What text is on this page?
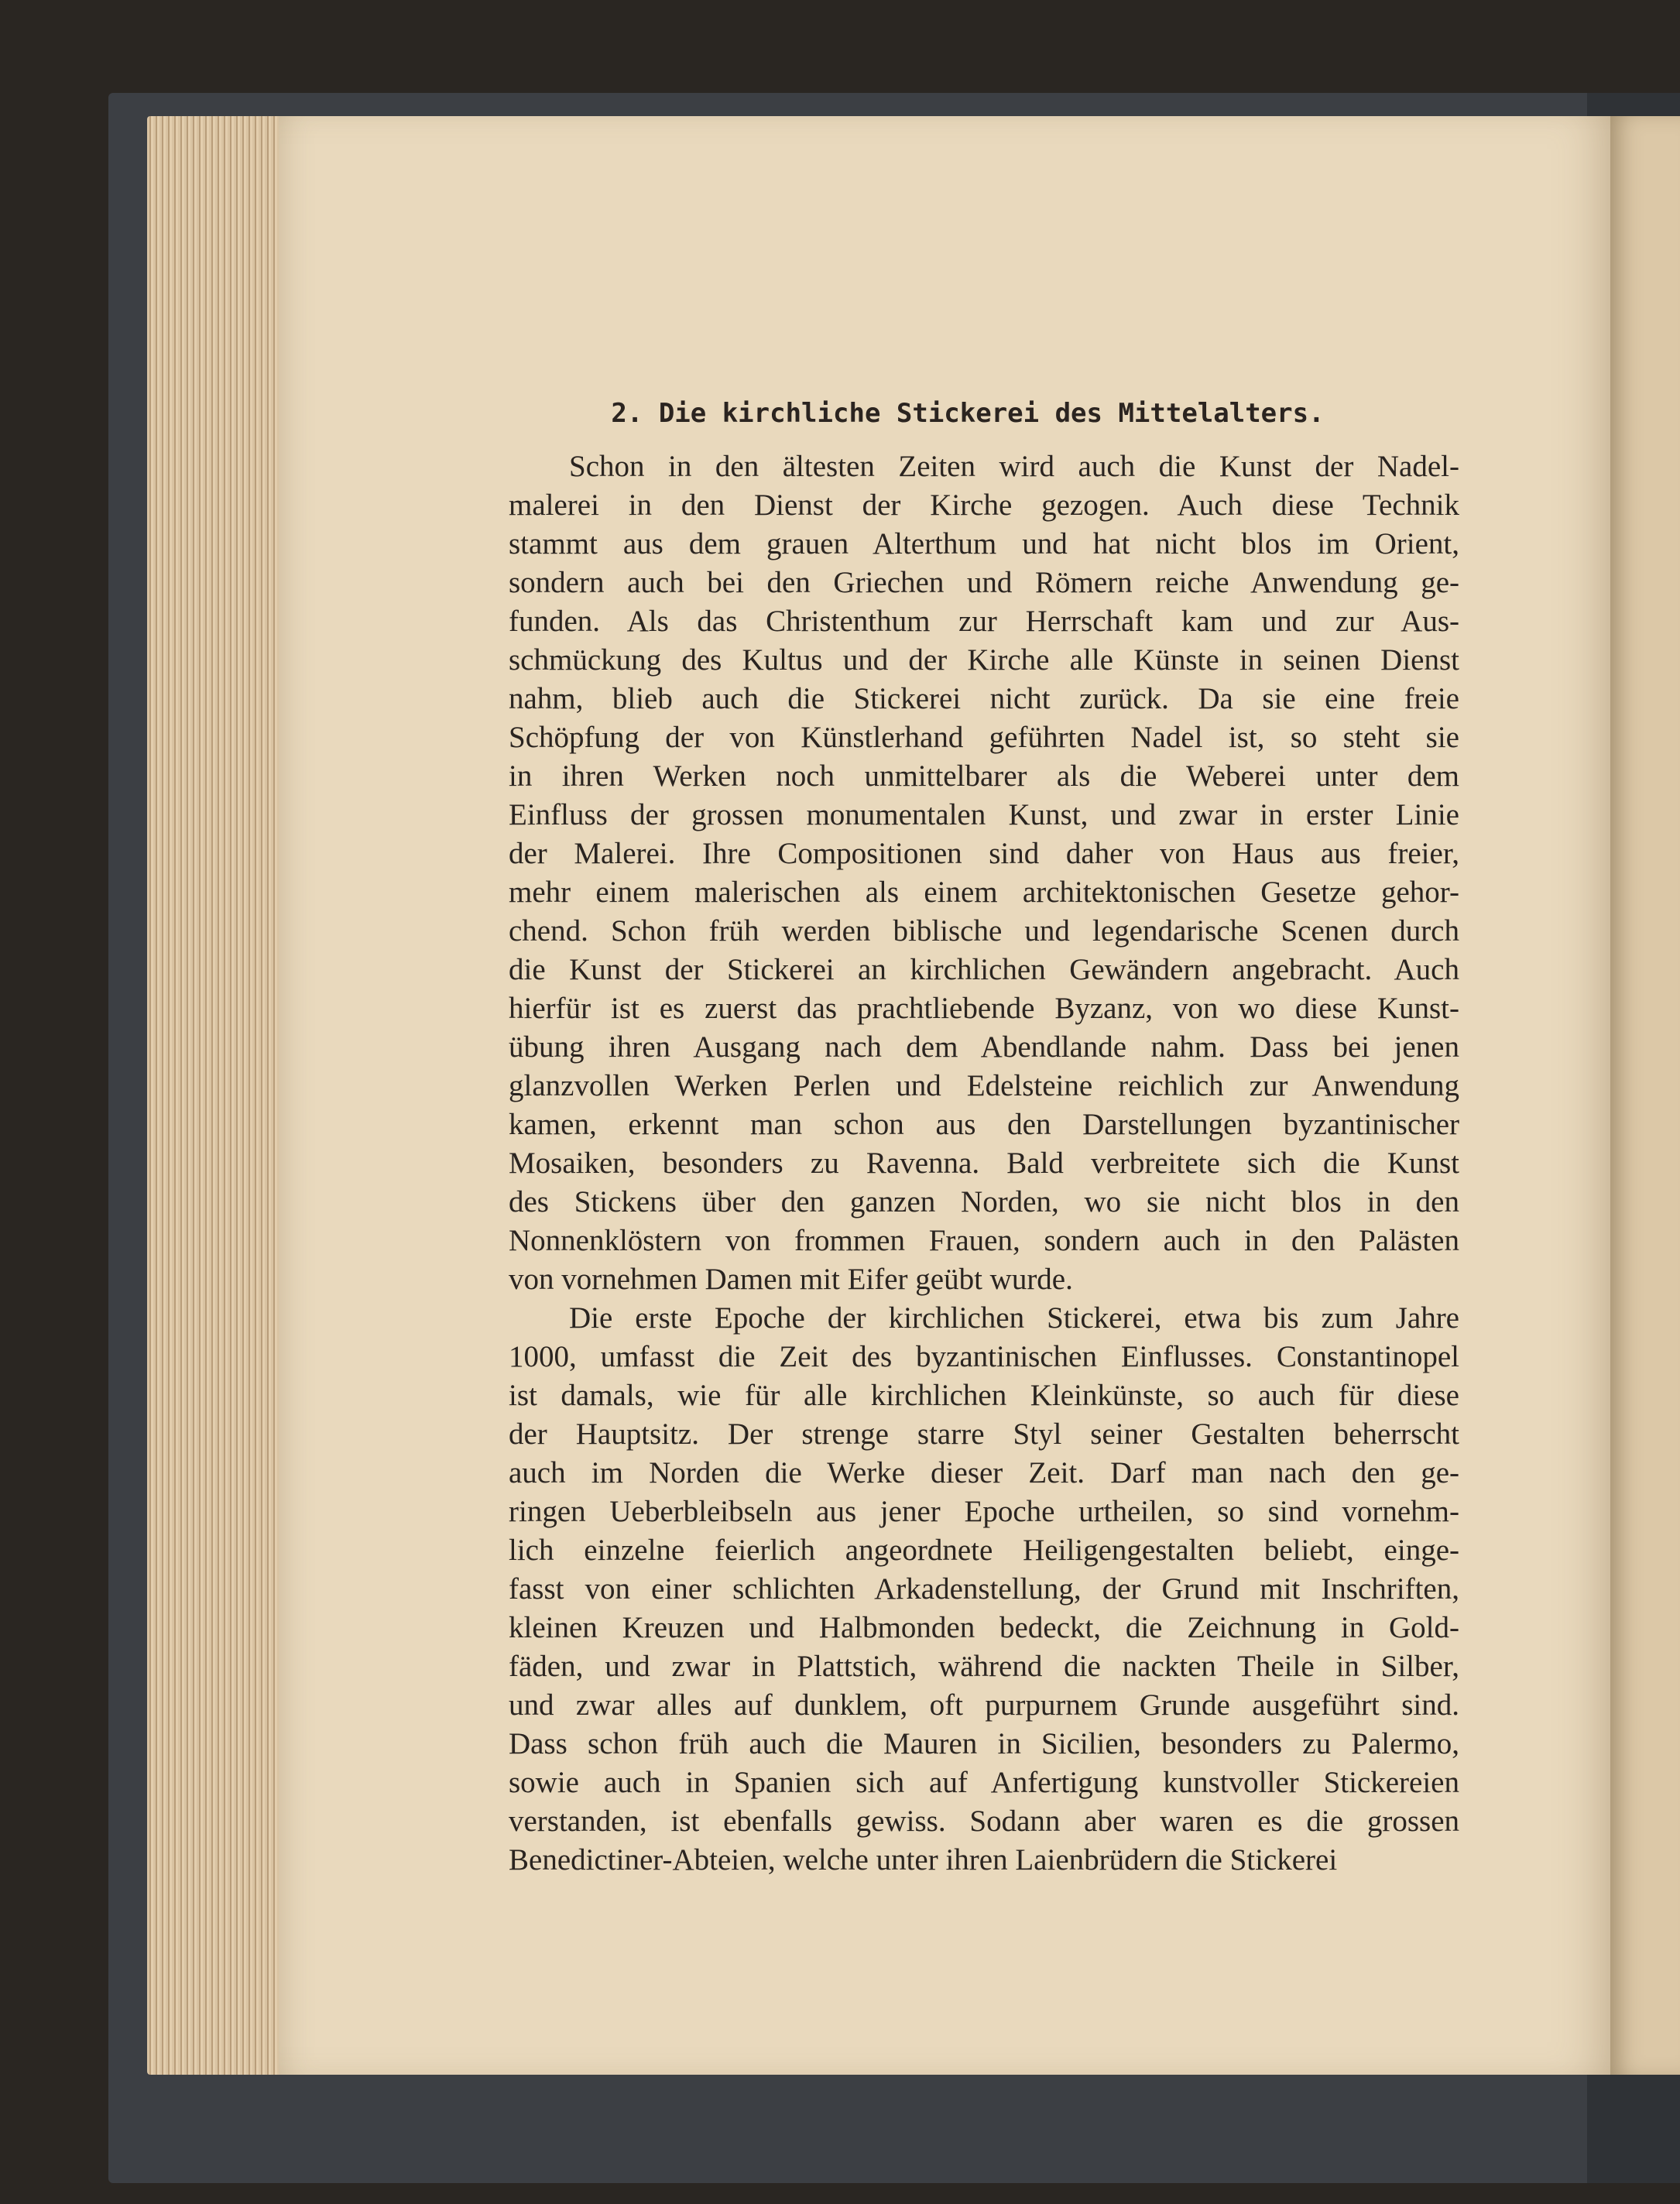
2. Die kirchliche Stickerei des Mittelalters.

Schon in den ältesten Zeiten wird auch die Kunst der Nadel-
malerei in den Dienst der Kirche gezogen. Auch diese Technik
stammt aus dem grauen Alterthum und hat nicht blos im Orient,
sondern auch bei den Griechen und Römern reiche Anwendung ge-
funden. Als das Christenthum zur Herrschaft kam und zur Aus-
schmückung des Kultus und der Kirche alle Künste in seinen Dienst
nahm, blieb auch die Stickerei nicht zurück. Da sie eine freie
Schöpfung der von Künstlerhand geführten Nadel ist, so steht sie
in ihren Werken noch unmittelbarer als die Weberei unter dem
Einfluss der grossen monumentalen Kunst, und zwar in erster Linie
der Malerei. Ihre Compositionen sind daher von Haus aus freier,
mehr einem malerischen als einem architektonischen Gesetze gehor-
chend. Schon früh werden biblische und legendarische Scenen durch
die Kunst der Stickerei an kirchlichen Gewändern angebracht. Auch
hierfür ist es zuerst das prachtliebende Byzanz, von wo diese Kunst-
übung ihren Ausgang nach dem Abendlande nahm. Dass bei jenen
glanzvollen Werken Perlen und Edelsteine reichlich zur Anwendung
kamen, erkennt man schon aus den Darstellungen byzantinischer
Mosaiken, besonders zu Ravenna. Bald verbreitete sich die Kunst
des Stickens über den ganzen Norden, wo sie nicht blos in den
Nonnenklöstern von frommen Frauen, sondern auch in den Palästen
von vornehmen Damen mit Eifer geübt wurde.

Die erste Epoche der kirchlichen Stickerei, etwa bis zum Jahre
1000, umfasst die Zeit des byzantinischen Einflusses. Constantinopel
ist damals, wie für alle kirchlichen Kleinkünste, so auch für diese
der Hauptsitz. Der strenge starre Styl seiner Gestalten beherrscht
auch im Norden die Werke dieser Zeit. Darf man nach den ge-
ringen Ueberbleibseln aus jener Epoche urtheilen, so sind vornehm-
lich einzelne feierlich angeordnete Heiligengestalten beliebt, einge-
fasst von einer schlichten Arkadenstellung, der Grund mit Inschriften,
kleinen Kreuzen und Halbmonden bedeckt, die Zeichnung in Gold-
fäden, und zwar in Plattstich, während die nackten Theile in Silber,
und zwar alles auf dunklem, oft purpurnem Grunde ausgeführt sind.
Dass schon früh auch die Mauren in Sicilien, besonders zu Palermo,
sowie auch in Spanien sich auf Anfertigung kunstvoller Stickereien
verstanden, ist ebenfalls gewiss. Sodann aber waren es die grossen
Benedictiner-Abteien, welche unter ihren Laienbrüdern die Stickerei
